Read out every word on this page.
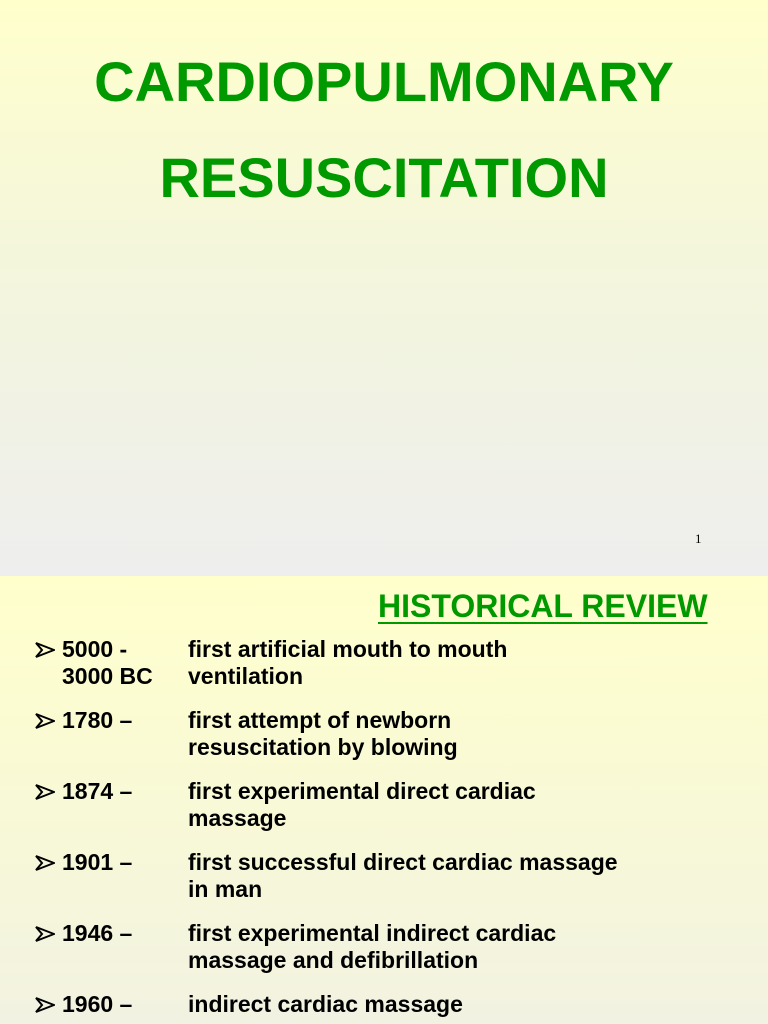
CARDIOPULMONARY
RESUSCITATION
1
HISTORICAL REVIEW
5000 -
3000 BC
first artificial mouth to mouth
ventilation
1780 – first attempt of newborn
resuscitation by blowing
1874 – first experimental direct cardiac
massage
1901 – first successful direct cardiac massage
in man
1946 – first experimental indirect cardiac
massage and defibrillation
1960 – indirect cardiac massage
